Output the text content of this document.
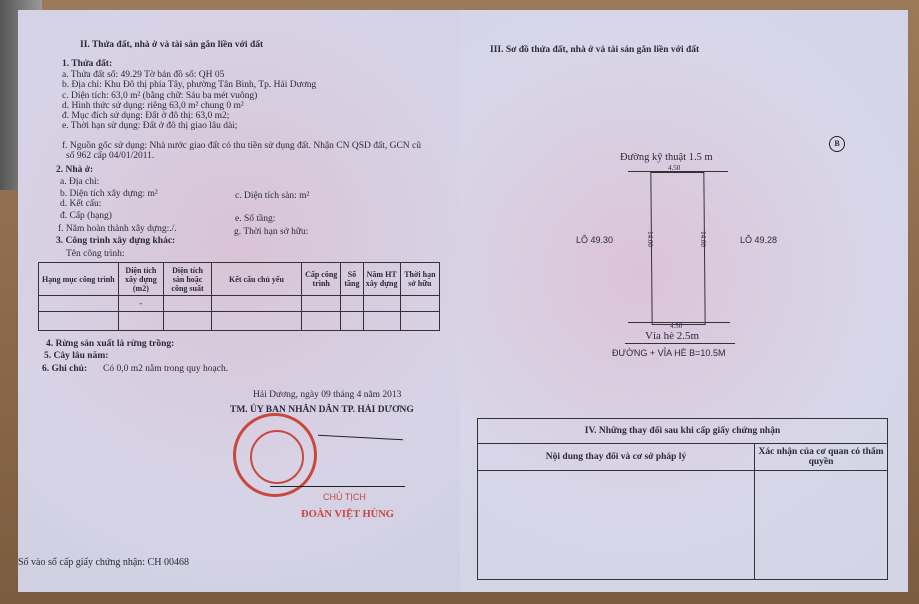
II. Thửa đất, nhà ở và tài sản gắn liền với đất
1. Thửa đất:
a. Thửa đất số: 49.29 Tờ bản đồ số: QH 05
b. Địa chỉ: Khu Đô thị phía Tây, phường Tân Bình, Tp. Hải Dương
c. Diện tích: 63,0 m² (bằng chữ: Sáu ba mét vuông)
d. Hình thức sử dụng: riêng 63,0 m² chung 0 m²
đ. Mục đích sử dụng: Đất ở đô thị: 63,0 m2;
e. Thời hạn sử dụng: Đất ở đô thị giao lâu dài;
f. Nguồn gốc sử dụng: Nhà nước giao đất có thu tiền sử dụng đất. Nhận CN QSD đất, GCN cũ
số 962 cấp 04/01/2011.
2. Nhà ở:
a. Địa chỉ:
b. Diện tích xây dựng: m²	c. Diện tích sàn: m²
d. Kết cấu:
đ. Cấp (hạng)	e. Số tầng:
f. Năm hoàn thành xây dựng:./.	g. Thời hạn sở hữu:
3. Công trình xây dựng khác:
Tên công trình:
Hạng mục công trình	Diện tích xây dựng (m2)	Diện tích sàn hoặc công suất	Kết cấu chủ yếu	Cấp công trình	Số tầng	Năm HT xây dựng	Thời hạn sở hữu
	-						

4. Rừng sản xuất là rừng trồng:
5. Cây lâu năm:
6. Ghi chú: Có 0,0 m2 nằm trong quy hoạch.
Hải Dương, ngày 09 tháng 4 năm 2013
TM. ỦY BAN NHÂN DÂN TP. HẢI DƯƠNG
CHỦ TỊCH
ĐOÀN VIỆT HÙNG
Số vào sổ cấp giấy chứng nhận: CH 00468
III. Sơ đồ thửa đất, nhà ở và tài sản gắn liền với đất
B
Đường kỹ thuật 1.5 m
4.50
14.00	14.00
LÔ 49.30	LÔ 49.28
4.50
Vỉa hè 2.5m
ĐƯỜNG + VỈA HÈ B=10.5M
IV. Những thay đổi sau khi cấp giấy chứng nhận	
Nội dung thay đổi và cơ sở pháp lý	Xác nhận của cơ quan có thẩm quyền
